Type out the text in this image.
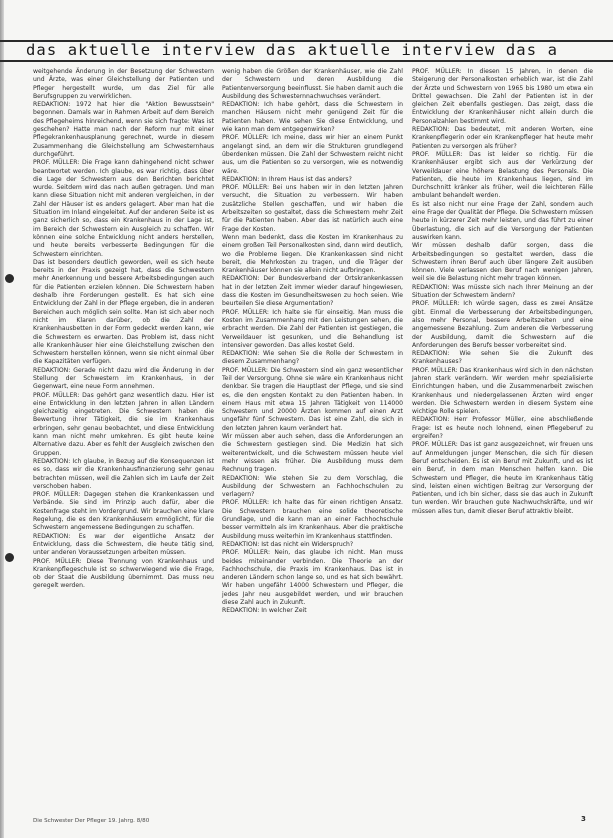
das aktuelle interview das aktuelle interview das a

weitgehende Änderung in der Besetzung der Schwestern und Ärzte, was einer Gleichstellung der Patienten und Pfleger hergestellt wurde, um das Ziel für alle Berufsgruppen zu verwirklichen.

REDAKTION: 1972 hat hier die "Aktion Bewusstsein" begonnen. Damals war in Rahmen Arbeit auf dem Bereich des Pflegeheims hinreichend, wenn sie sich fragte: Was ist geschehen? Hatte man nach der Reform nur mit einer Pflegekrankenhausplanung gerechnet, wurde in diesem Zusammenhang die Gleichstellung am Schwesternhaus durchgeführt.

PROF. MÜLLER: Die Frage kann dahingehend nicht schwer beantwortet werden. Ich glaube, es war richtig, dass über die Lage der Schwestern aus den Berichten berichtet wurde. Seitdem wird das nach außen getragen. Und man kann diese Situation nicht mit anderen vergleichen, in der Zahl der Häuser ist es anders gelagert. Aber man hat die Situation im Inland eingeleitet. Auf der anderen Seite ist es ganz sicherlich so, dass ein Krankenhaus in der Lage ist, im Bereich der Schwestern ein Ausgleich zu schaffen. Wir können eine solche Entwicklung nicht anders herstellen, und heute bereits verbesserte Bedingungen für die Schwestern einrichten.

Das ist besonders deutlich geworden, weil es sich heute bereits in der Praxis gezeigt hat, dass die Schwestern mehr Anerkennung und bessere Arbeitsbedingungen auch für die Patienten erzielen können. Die Schwestern haben deshalb ihre Forderungen gestellt. Es hat sich eine Entwicklung der Zahl in der Pflege ergeben, die in anderen Bereichen auch möglich sein sollte. Man ist sich aber noch nicht im Klaren darüber, ob die Zahl der Krankenhausbetten in der Form gedeckt werden kann, wie die Schwestern es erwarten. Das Problem ist, dass nicht alle Krankenhäuser hier eine Gleichstellung zwischen den Schwestern herstellen können, wenn sie nicht einmal über die Kapazitäten verfügen.

REDAKTION: Gerade nicht dazu wird die Änderung in der Stellung der Schwestern im Krankenhaus, in der Gegenwart, eine neue Form annehmen.

PROF. MÜLLER: Das gehört ganz wesentlich dazu. Hier ist eine Entwicklung in den letzten Jahren in allen Ländern gleichzeitig eingetreten. Die Schwestern haben die Bewertung ihrer Tätigkeit, die sie im Krankenhaus erbringen, sehr genau beobachtet, und diese Entwicklung kann man nicht mehr umkehren. Es gibt heute keine Alternative dazu. Aber es fehlt der Ausgleich zwischen den Gruppen.

REDAKTION: Ich glaube, in Bezug auf die Konsequenzen ist es so, dass wir die Krankenhausfinanzierung sehr genau betrachten müssen, weil die Zahlen sich im Laufe der Zeit verschoben haben.

PROF. MÜLLER: Dagegen stehen die Krankenkassen und Verbände. Sie sind im Prinzip auch dafür, aber die Kostenfrage steht im Vordergrund. Wir brauchen eine klare Regelung, die es den Krankenhäusern ermöglicht, für die Schwestern angemessene Bedingungen zu schaffen.

REDAKTION: Es war der eigentliche Ansatz der Entwicklung, dass die Schwestern, die heute tätig sind, unter anderen Voraussetzungen arbeiten müssen.

PROF. MÜLLER: Diese Trennung von Krankenhaus und Krankenpflegeschule ist so schwerwiegend wie die Frage, ob der Staat die Ausbildung übernimmt. Das muss neu geregelt werden.

wenig haben die Größen der Krankenhäuser, wie die Zahl der Schwestern und deren Ausbildung die Patientenversorgung beeinflusst. Sie haben damit auch die Ausbildung des Schwesternnachwuchses verändert.

REDAKTION: Ich habe gehört, dass die Schwestern in manchen Häusern nicht mehr genügend Zeit für die Patienten haben. Wie sehen Sie diese Entwicklung, und wie kann man dem entgegenwirken?

PROF. MÜLLER: Ich meine, dass wir hier an einem Punkt angelangt sind, an dem wir die Strukturen grundlegend überdenken müssen. Die Zahl der Schwestern reicht nicht aus, um die Patienten so zu versorgen, wie es notwendig wäre.

REDAKTION: In Ihrem Haus ist das anders?

PROF. MÜLLER: Bei uns haben wir in den letzten Jahren versucht, die Situation zu verbessern. Wir haben zusätzliche Stellen geschaffen, und wir haben die Arbeitszeiten so gestaltet, dass die Schwestern mehr Zeit für die Patienten haben. Aber das ist natürlich auch eine Frage der Kosten.

Wenn man bedenkt, dass die Kosten im Krankenhaus zu einem großen Teil Personalkosten sind, dann wird deutlich, wo die Probleme liegen. Die Krankenkassen sind nicht bereit, die Mehrkosten zu tragen, und die Träger der Krankenhäuser können sie allein nicht aufbringen.

REDAKTION: Der Bundesverband der Ortskrankenkassen hat in der letzten Zeit immer wieder darauf hingewiesen, dass die Kosten im Gesundheitswesen zu hoch seien. Wie beurteilen Sie diese Argumentation?

PROF. MÜLLER: Ich halte sie für einseitig. Man muss die Kosten im Zusammenhang mit den Leistungen sehen, die erbracht werden. Die Zahl der Patienten ist gestiegen, die Verweildauer ist gesunken, und die Behandlung ist intensiver geworden. Das alles kostet Geld.

REDAKTION: Wie sehen Sie die Rolle der Schwestern in diesem Zusammenhang?

PROF. MÜLLER: Die Schwestern sind ein ganz wesentlicher Teil der Versorgung. Ohne sie wäre ein Krankenhaus nicht denkbar. Sie tragen die Hauptlast der Pflege, und sie sind es, die den engsten Kontakt zu den Patienten haben. In einem Haus mit etwa 15 Jahren Tätigkeit von 114000 Schwestern und 20000 Ärzten kommen auf einen Arzt ungefähr fünf Schwestern. Das ist eine Zahl, die sich in den letzten Jahren kaum verändert hat.

Wir müssen aber auch sehen, dass die Anforderungen an die Schwestern gestiegen sind. Die Medizin hat sich weiterentwickelt, und die Schwestern müssen heute viel mehr wissen als früher. Die Ausbildung muss dem Rechnung tragen.

REDAKTION: Wie stehen Sie zu dem Vorschlag, die Ausbildung der Schwestern an Fachhochschulen zu verlagern?

PROF. MÜLLER: Ich halte das für einen richtigen Ansatz. Die Schwestern brauchen eine solide theoretische Grundlage, und die kann man an einer Fachhochschule besser vermitteln als im Krankenhaus. Aber die praktische Ausbildung muss weiterhin im Krankenhaus stattfinden.

REDAKTION: Ist das nicht ein Widerspruch?

PROF. MÜLLER: Nein, das glaube ich nicht. Man muss beides miteinander verbinden. Die Theorie an der Fachhochschule, die Praxis im Krankenhaus. Das ist in anderen Ländern schon lange so, und es hat sich bewährt. Wir haben ungefähr 14000 Schwestern und Pfleger, die jedes Jahr neu ausgebildet werden, und wir brauchen diese Zahl auch in Zukunft.

REDAKTION: In welcher Zeit

PROF. MÜLLER: In diesen 15 Jahren, in denen die Steigerung der Personalkosten erheblich war, ist die Zahl der Ärzte und Schwestern von 1965 bis 1980 um etwa ein Drittel gewachsen. Die Zahl der Patienten ist in der gleichen Zeit ebenfalls gestiegen. Das zeigt, dass die Entwicklung der Krankenhäuser nicht allein durch die Personalzahlen bestimmt wird.

REDAKTION: Das bedeutet, mit anderen Worten, eine Krankenpflegerin oder ein Krankenpfleger hat heute mehr Patienten zu versorgen als früher?

PROF. MÜLLER: Das ist leider so richtig. Für die Krankenhäuser ergibt sich aus der Verkürzung der Verweildauer eine höhere Belastung des Personals. Die Patienten, die heute im Krankenhaus liegen, sind im Durchschnitt kränker als früher, weil die leichteren Fälle ambulant behandelt werden.

Es ist also nicht nur eine Frage der Zahl, sondern auch eine Frage der Qualität der Pflege. Die Schwestern müssen heute in kürzerer Zeit mehr leisten, und das führt zu einer Überlastung, die sich auf die Versorgung der Patienten auswirken kann.

Wir müssen deshalb dafür sorgen, dass die Arbeitsbedingungen so gestaltet werden, dass die Schwestern ihren Beruf auch über längere Zeit ausüben können. Viele verlassen den Beruf nach wenigen Jahren, weil sie die Belastung nicht mehr tragen können.

REDAKTION: Was müsste sich nach Ihrer Meinung an der Situation der Schwestern ändern?

PROF. MÜLLER: Ich würde sagen, dass es zwei Ansätze gibt. Einmal die Verbesserung der Arbeitsbedingungen, also mehr Personal, bessere Arbeitszeiten und eine angemessene Bezahlung. Zum anderen die Verbesserung der Ausbildung, damit die Schwestern auf die Anforderungen des Berufs besser vorbereitet sind.

REDAKTION: Wie sehen Sie die Zukunft des Krankenhauses?

PROF. MÜLLER: Das Krankenhaus wird sich in den nächsten Jahren stark verändern. Wir werden mehr spezialisierte Einrichtungen haben, und die Zusammenarbeit zwischen Krankenhaus und niedergelassenen Ärzten wird enger werden. Die Schwestern werden in diesem System eine wichtige Rolle spielen.

REDAKTION: Herr Professor Müller, eine abschließende Frage: Ist es heute noch lohnend, einen Pflegeberuf zu ergreifen?

PROF. MÜLLER: Das ist ganz ausgezeichnet, wir freuen uns auf Anmeldungen junger Menschen, die sich für diesen Beruf entscheiden. Es ist ein Beruf mit Zukunft, und es ist ein Beruf, in dem man Menschen helfen kann. Die Schwestern und Pfleger, die heute im Krankenhaus tätig sind, leisten einen wichtigen Beitrag zur Versorgung der Patienten, und ich bin sicher, dass sie das auch in Zukunft tun werden. Wir brauchen gute Nachwuchskräfte, und wir müssen alles tun, damit dieser Beruf attraktiv bleibt.

Die Schwester Der Pfleger 19. Jahrg. 8/80	3
